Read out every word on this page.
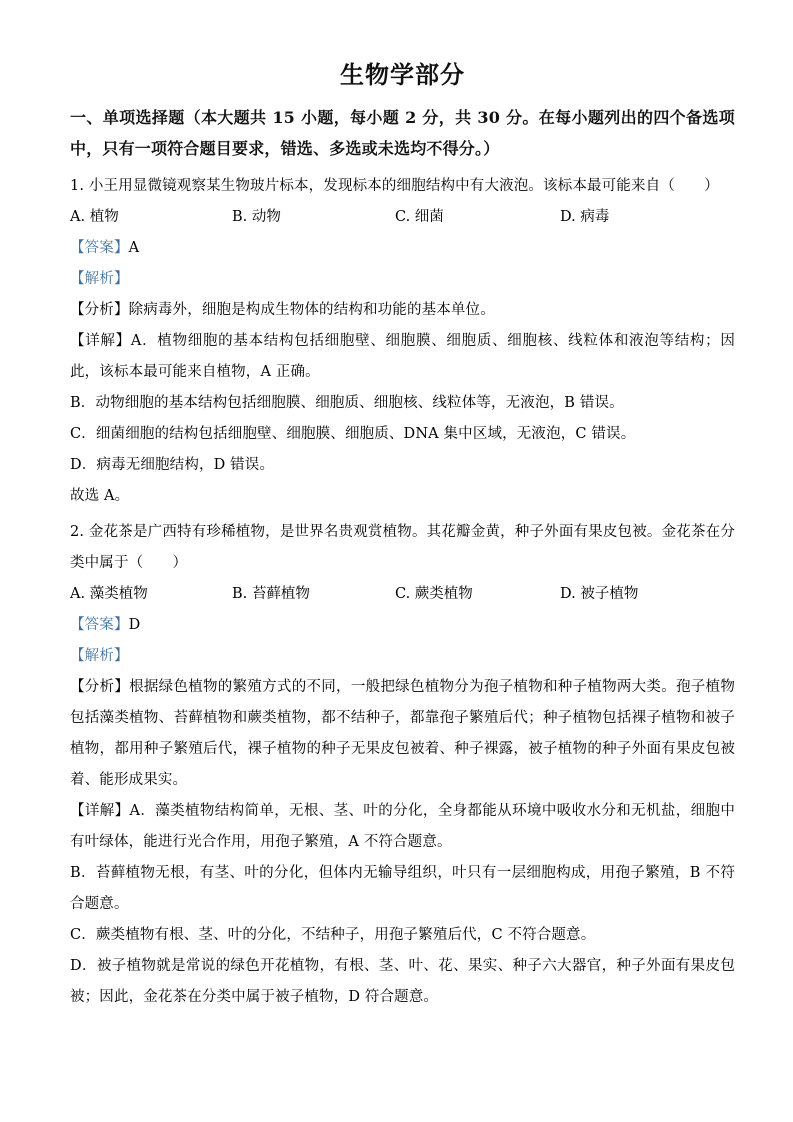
生物学部分

一、单项选择题（本大题共 15 小题，每小题 2 分，共 30 分。在每小题列出的四个备选项中，只有一项符合题目要求，错选、多选或未选均不得分。）

1. 小王用显微镜观察某生物玻片标本，发现标本的细胞结构中有大液泡。该标本最可能来自（　　）

A. 植物	B. 动物	C. 细菌	D. 病毒

【答案】A

【解析】

【分析】除病毒外，细胞是构成生物体的结构和功能的基本单位。

【详解】A．植物细胞的基本结构包括细胞壁、细胞膜、细胞质、细胞核、线粒体和液泡等结构；因此，该标本最可能来自植物，A 正确。

B．动物细胞的基本结构包括细胞膜、细胞质、细胞核、线粒体等，无液泡，B 错误。

C．细菌细胞的结构包括细胞壁、细胞膜、细胞质、DNA 集中区域，无液泡，C 错误。

D．病毒无细胞结构，D 错误。

故选 A。

2. 金花茶是广西特有珍稀植物，是世界名贵观赏植物。其花瓣金黄，种子外面有果皮包被。金花茶在分类中属于（　　）

A. 藻类植物	B. 苔藓植物	C. 蕨类植物	D. 被子植物

【答案】D

【解析】

【分析】根据绿色植物的繁殖方式的不同，一般把绿色植物分为孢子植物和种子植物两大类。孢子植物包括藻类植物、苔藓植物和蕨类植物，都不结种子，都靠孢子繁殖后代；种子植物包括裸子植物和被子植物，都用种子繁殖后代，裸子植物的种子无果皮包被着、种子裸露，被子植物的种子外面有果皮包被着、能形成果实。

【详解】A．藻类植物结构简单，无根、茎、叶的分化，全身都能从环境中吸收水分和无机盐，细胞中有叶绿体，能进行光合作用，用孢子繁殖，A 不符合题意。

B．苔藓植物无根，有茎、叶的分化，但体内无输导组织，叶只有一层细胞构成，用孢子繁殖，B 不符合题意。

C．蕨类植物有根、茎、叶的分化，不结种子，用孢子繁殖后代，C 不符合题意。

D．被子植物就是常说的绿色开花植物，有根、茎、叶、花、果实、种子六大器官，种子外面有果皮包被；因此，金花茶在分类中属于被子植物，D 符合题意。
